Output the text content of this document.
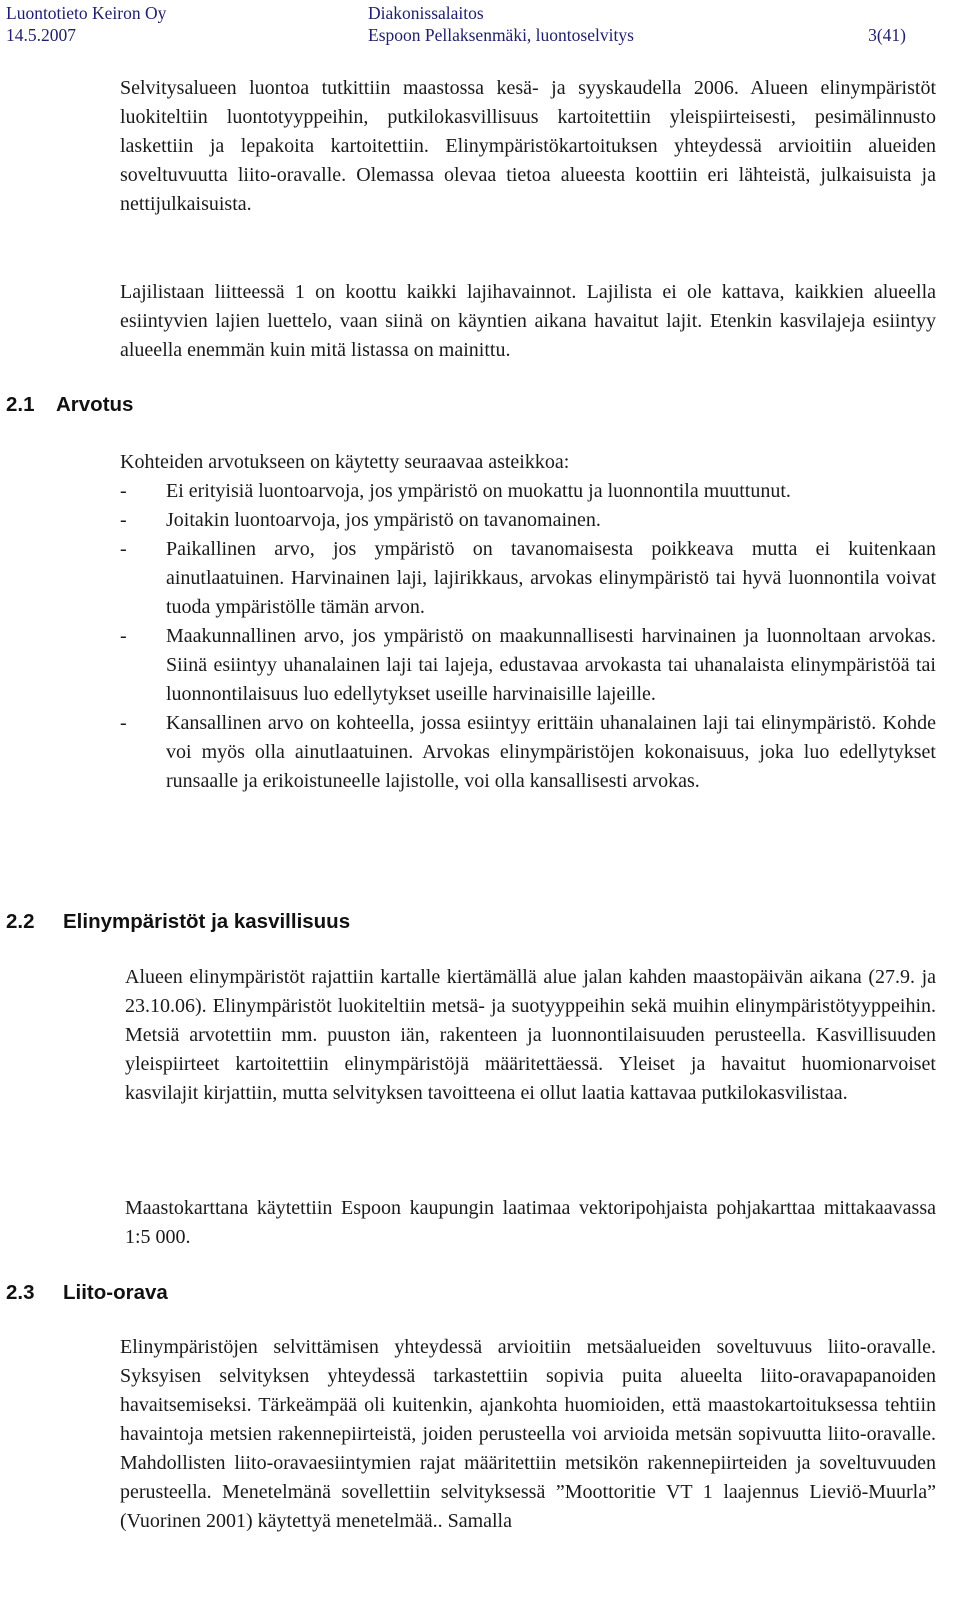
Luontotieto Keiron Oy
14.5.2007
Diakonissalaitos
Espoon Pellaksenmäki, luontoselvitys	3(41)
Selvitysalueen luontoa tutkittiin maastossa kesä- ja syyskaudella 2006. Alueen elinympäristöt luokiteltiin luontotyyppeihin, putkilokasvillisuus kartoitettiin yleispiirteisesti, pesimälinnusto laskettiin ja lepakoita kartoitettiin. Elinympäristökartoituksen yhteydessä arvioitiin alueiden soveltuvuutta liito-oravalle. Olemassa olevaa tietoa alueesta koottiin eri lähteistä, julkaisuista ja nettijulkaisuista.
Lajilistaan liitteessä 1 on koottu kaikki lajihavainnot. Lajilista ei ole kattava, kaikkien alueella esiintyvien lajien luettelo, vaan siinä on käyntien aikana havaitut lajit. Etenkin kasvilajeja esiintyy alueella enemmän kuin mitä listassa on mainittu.
2.1 Arvotus
Kohteiden arvotukseen on käytetty seuraavaa asteikkoa:
- Ei erityisiä luontoarvoja, jos ympäristö on muokattu ja luonnontila muuttunut.
- Joitakin luontoarvoja, jos ympäristö on tavanomainen.
- Paikallinen arvo, jos ympäristö on tavanomaisesta poikkeava mutta ei kuitenkaan ainutlaatuinen. Harvinainen laji, lajirikkaus, arvokas elinympäristö tai hyvä luonnontila voivat tuoda ympäristölle tämän arvon.
- Maakunnallinen arvo, jos ympäristö on maakunnallisesti harvinainen ja luonnoltaan arvokas. Siinä esiintyy uhanalainen laji tai lajeja, edustavaa arvokasta tai uhanalaista elinympäristöä tai luonnontilaisuus luo edellytykset useille harvinaisille lajeille.
- Kansallinen arvo on kohteella, jossa esiintyy erittäin uhanalainen laji tai elinympäristö. Kohde voi myös olla ainutlaatuinen. Arvokas elinympäristöjen kokonaisuus, joka luo edellytykset runsaalle ja erikoistuneelle lajistolle, voi olla kansallisesti arvokas.
2.2 Elinympäristöt ja kasvillisuus
Alueen elinympäristöt rajattiin kartalle kiertämällä alue jalan kahden maastopäivän aikana (27.9. ja 23.10.06). Elinympäristöt luokiteltiin metsä- ja suotyyppeihin sekä muihin elinympäristötyyppeihin. Metsiä arvotettiin mm. puuston iän, rakenteen ja luonnontilaisuuden perusteella. Kasvillisuuden yleispiirteet kartoitettiin elinympäristöjä määritettäessä. Yleiset ja havaitut huomionarvoiset kasvilajit kirjattiin, mutta selvityksen tavoitteena ei ollut laatia kattavaa putkilokasvilistaa.
Maastokarttana käytettiin Espoon kaupungin laatimaa vektoripohjaista pohjakarttaa mittakaavassa 1:5 000.
2.3 Liito-orava
Elinympäristöjen selvittämisen yhteydessä arvioitiin metsäalueiden soveltuvuus liito-oravalle. Syksyisen selvityksen yhteydessä tarkastettiin sopivia puita alueelta liito-oravapapanoiden havaitsemiseksi. Tärkeämpää oli kuitenkin, ajankohta huomioiden, että maastokartoituksessa tehtiin havaintoja metsien rakennepiirteistä, joiden perusteella voi arvioida metsän sopivuutta liito-oravalle. Mahdollisten liito-oravaesiintymien rajat määritettiin metsikön rakennepiirteiden ja soveltuvuuden perusteella. Menetelmänä sovellettiin selvityksessä ”Moottoritie VT 1 laajennus Lieviö-Muurla” (Vuorinen 2001) käytettyä menetelmää.. Samalla
